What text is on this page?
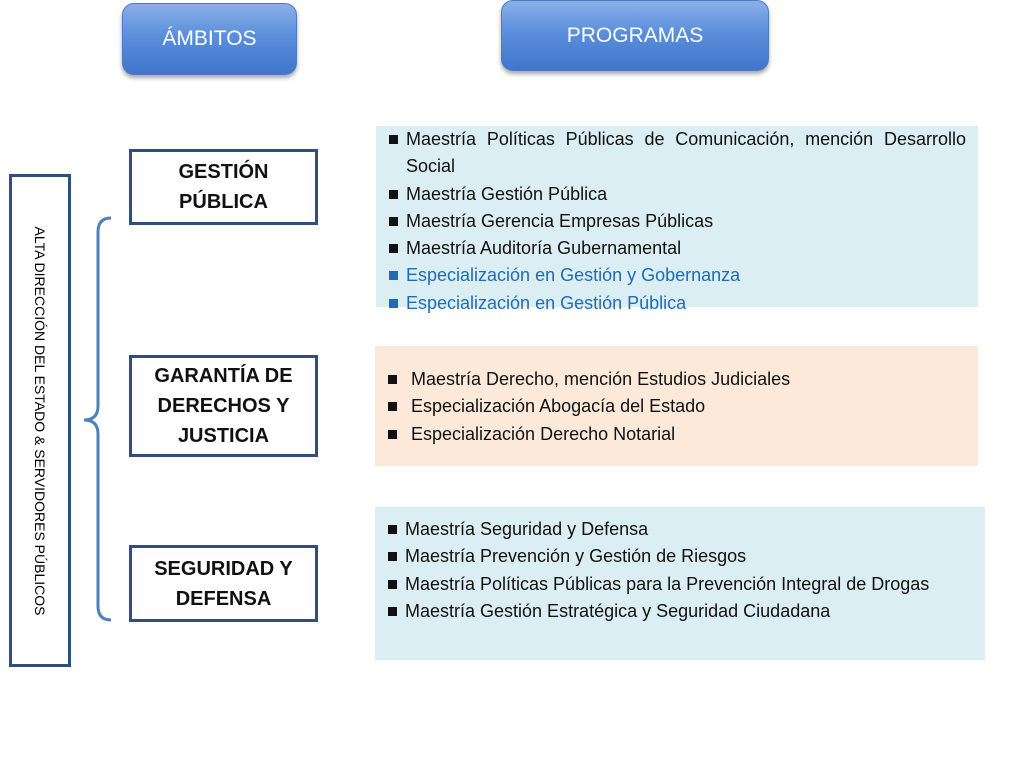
ÁMBITOS	PROGRAMAS
ALTA DIRECCIÓN DEL ESTADO & SERVIDORES PÚBLICOS
GESTIÓN PÚBLICA
GARANTÍA DE DERECHOS Y JUSTICIA
SEGURIDAD Y DEFENSA
Maestría Políticas Públicas de Comunicación, mención Desarrollo Social
Maestría Gestión Pública
Maestría Gerencia Empresas Públicas
Maestría Auditoría Gubernamental
Especialización en Gestión y Gobernanza
Especialización en Gestión Pública
Maestría Derecho, mención Estudios Judiciales
Especialización Abogacía del Estado
Especialización Derecho Notarial
Maestría Seguridad y Defensa
Maestría Prevención y Gestión de Riesgos
Maestría Políticas Públicas para la Prevención Integral de Drogas
Maestría Gestión Estratégica y Seguridad Ciudadana
